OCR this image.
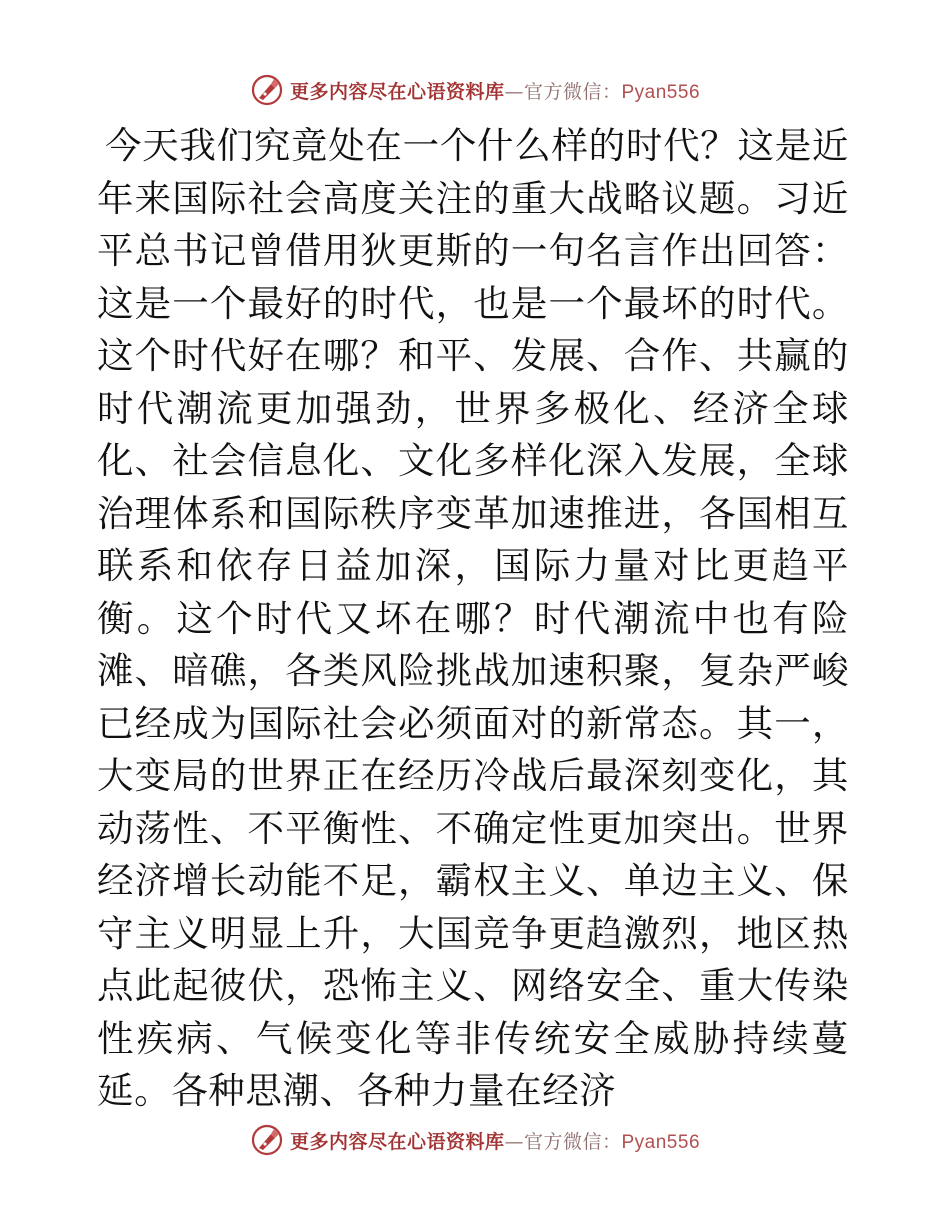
更多内容尽在心语资料库—官方微信：Pyan556
今天我们究竟处在一个什么样的时代？这是近年来国际社会高度关注的重大战略议题。习近平总书记曾借用狄更斯的一句名言作出回答：这是一个最好的时代，也是一个最坏的时代。这个时代好在哪？和平、发展、合作、共赢的时代潮流更加强劲，世界多极化、经济全球化、社会信息化、文化多样化深入发展，全球治理体系和国际秩序变革加速推进，各国相互联系和依存日益加深，国际力量对比更趋平衡。这个时代又坏在哪？时代潮流中也有险滩、暗礁，各类风险挑战加速积聚，复杂严峻已经成为国际社会必须面对的新常态。其一，大变局的世界正在经历冷战后最深刻变化，其动荡性、不平衡性、不确定性更加突出。世界经济增长动能不足，霸权主义、单边主义、保守主义明显上升，大国竞争更趋激烈，地区热点此起彼伏，恐怖主义、网络安全、重大传染性疾病、气候变化等非传统安全威胁持续蔓延。各种思潮、各种力量在经济
更多内容尽在心语资料库—官方微信：Pyan556
